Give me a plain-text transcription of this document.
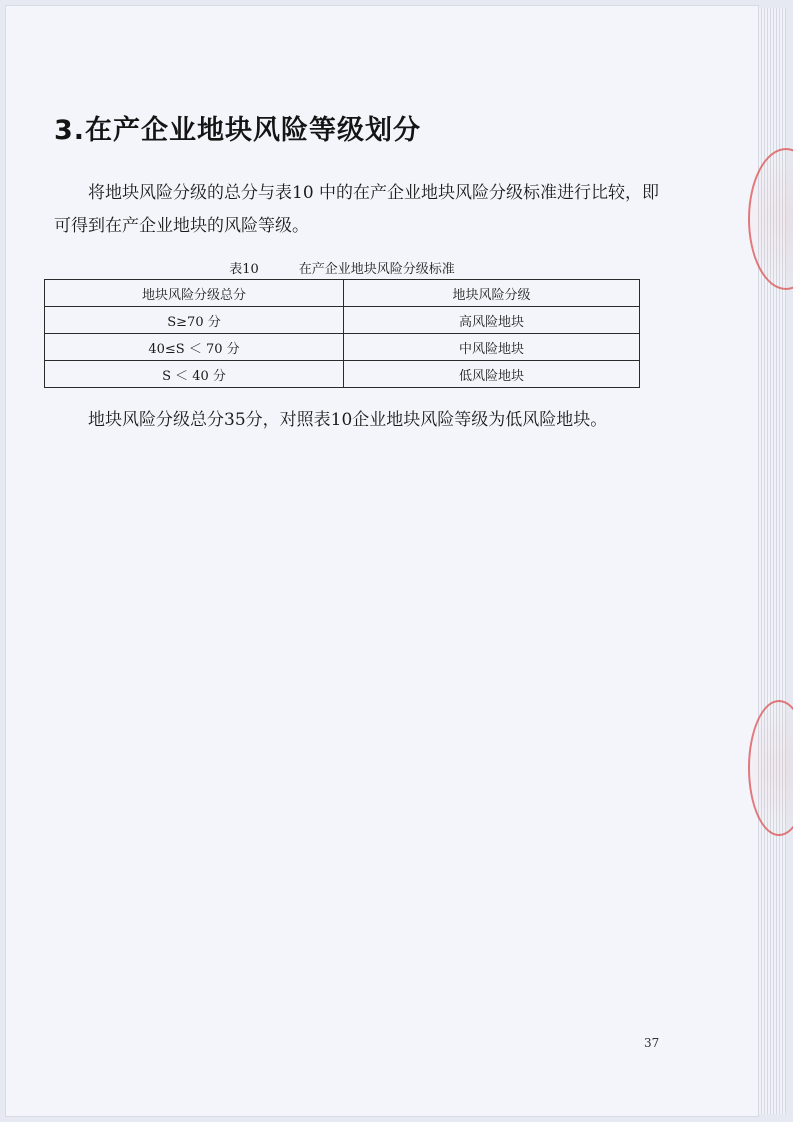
3.在产企业地块风险等级划分

将地块风险分级的总分与表10 中的在产企业地块风险分级标准进行比较，即可得到在产企业地块的风险等级。

表10	在产企业地块风险分级标准
地块风险分级总分	地块风险分级
S≥70 分	高风险地块
40≤S ＜ 70 分	中风险地块
S ＜ 40 分	低风险地块

地块风险分级总分35分，对照表10企业地块风险等级为低风险地块。

37
